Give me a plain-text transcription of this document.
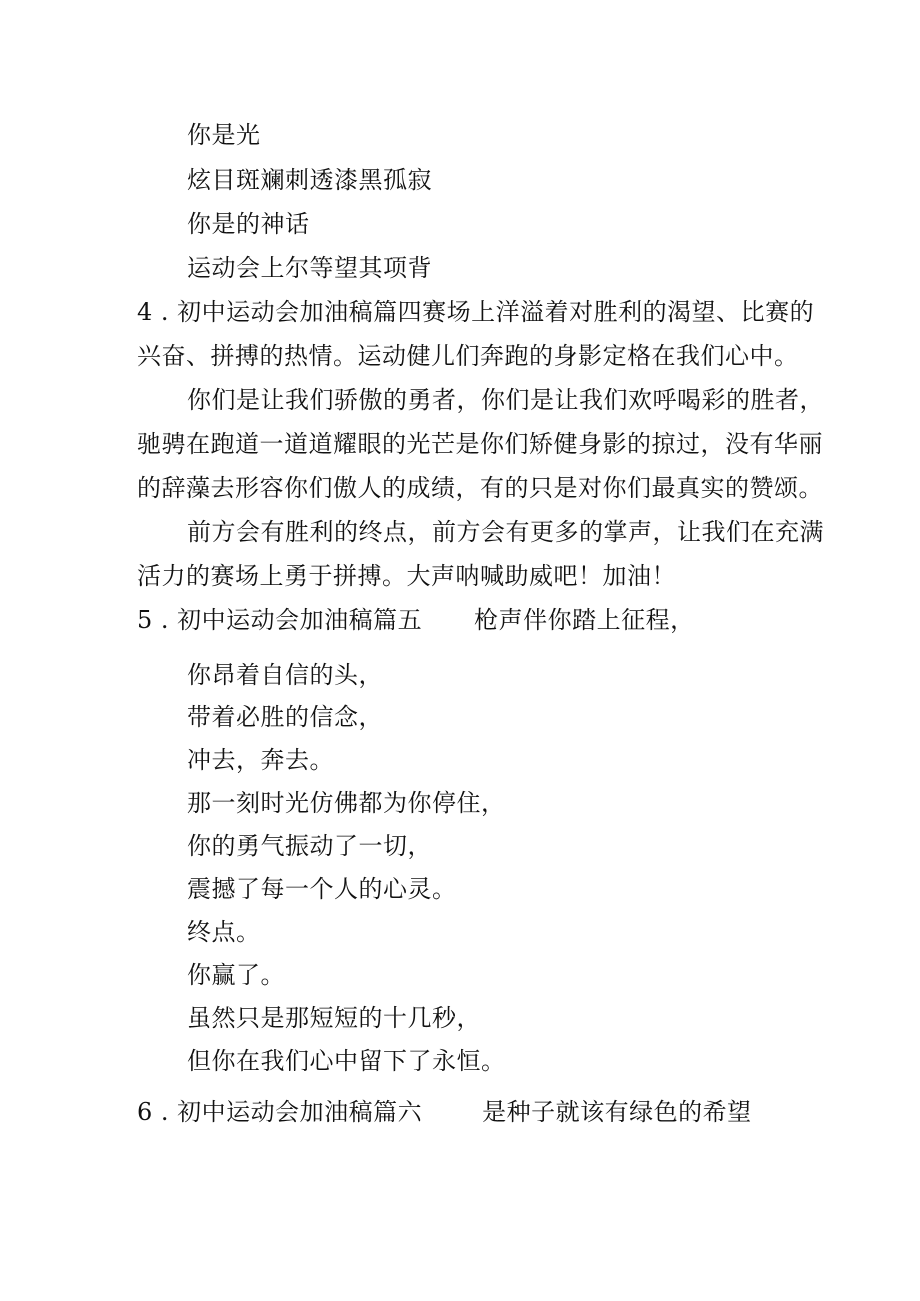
你是光
炫目斑斓刺透漆黑孤寂
你是的神话
运动会上尔等望其项背
4 . 初中运动会加油稿篇四赛场上洋溢着对胜利的渴望、比赛的
兴奋、拼搏的热情。运动健儿们奔跑的身影定格在我们心中。
你们是让我们骄傲的勇者，你们是让我们欢呼喝彩的胜者，
驰骋在跑道一道道耀眼的光芒是你们矫健身影的掠过，没有华丽
的辞藻去形容你们傲人的成绩，有的只是对你们最真实的赞颂。
前方会有胜利的终点，前方会有更多的掌声，让我们在充满
活力的赛场上勇于拼搏。大声呐喊助威吧！加油！
5 . 初中运动会加油稿篇五 枪声伴你踏上征程，
你昂着自信的头，
带着必胜的信念，
冲去，奔去。
那一刻时光仿佛都为你停住，
你的勇气振动了一切，
震撼了每一个人的心灵。
终点。
你赢了。
虽然只是那短短的十几秒，
但你在我们心中留下了永恒。
6 . 初中运动会加油稿篇六	是种子就该有绿色的希望
